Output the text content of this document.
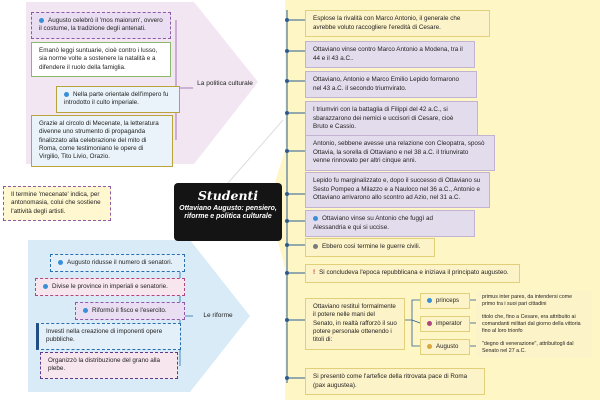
Studenti
Ottaviano Augusto: pensiero, riforme e politica culturale
La politica culturale
Augusto celebrò il 'mos maiorum', ovvero il costume, la tradizione degli antenati.
Emanò leggi suntuarie, cioè contro i lusso, sia norme volte a sostenere la natalità e a difendere il ruolo della famiglia.
Nella parte orientale dell'impero fu introdotto il culto imperiale.
Grazie al circolo di Mecenate, la letteratura divenne uno strumento di propaganda finalizzato alla celebrazione del mito di Roma, come testimoniano le opere di Virgilio, Tito Livio, Orazio.
Il termine 'mecenate' indica, per antonomasia, colui che sostiene l'attività degli artisti.
Le riforme
Augusto ridusse il numero di senatori.
Divise le province in imperiali e senatorie.
Riformò il fisco e l'esercito.
Investì nella creazione di imponenti opere pubbliche.
Organizzò la distribuzione del grano alla plebe.
Esplose la rivalità con Marco Antonio, il generale che avrebbe voluto raccogliere l'eredità di Cesare.
Ottaviano vinse contro Marco Antonio a Modena, tra il 44 e il 43 a.C..
Ottaviano, Antonio e Marco Emilio Lepido formarono nel 43 a.C. il secondo triumvirato.
I triumviri con la battaglia di Filippi del 42 a.C., si sbarazzarono dei nemici e uccisori di Cesare, cioè Bruto e Cassio.
Antonio, sebbene avesse una relazione con Cleopatra, sposò Ottavia, la sorella di Ottaviano e nel 38 a.C. il triunvirato venne rinnovato per altri cinque anni.
Lepido fu marginalizzato e, dopo il successo di Ottaviano su Sesto Pompeo a Milazzo e a Nauloco nel 36 a.C., Antonio e Ottaviano arrivarono allo scontro ad Azio, nel 31 a.C.
Ottaviano vinse su Antonio che fuggì ad Alessandria e qui si uccise.
Ebbero così termine le guerre civili.
! Si concludeva l'epoca repubblicana e iniziava il principato augusteo.
Ottaviano restituì formalmente il potere nelle mani del Senato, in realtà rafforzò il suo potere personale ottenendo i titoli di:
princeps	primus inter pares, da intendersi come primo tra i suoi pari cittadini
imperator
titolo che, fino a Cesare, era attribuito ai comandanti militari dal giorno della vittoria fino al loro trionfo
Augusto	"degno di venerazione", attribuitogli dal Senato nel 27 a.C.
Si presentò come l'artefice della ritrovata pace di Roma (pax augustea).
